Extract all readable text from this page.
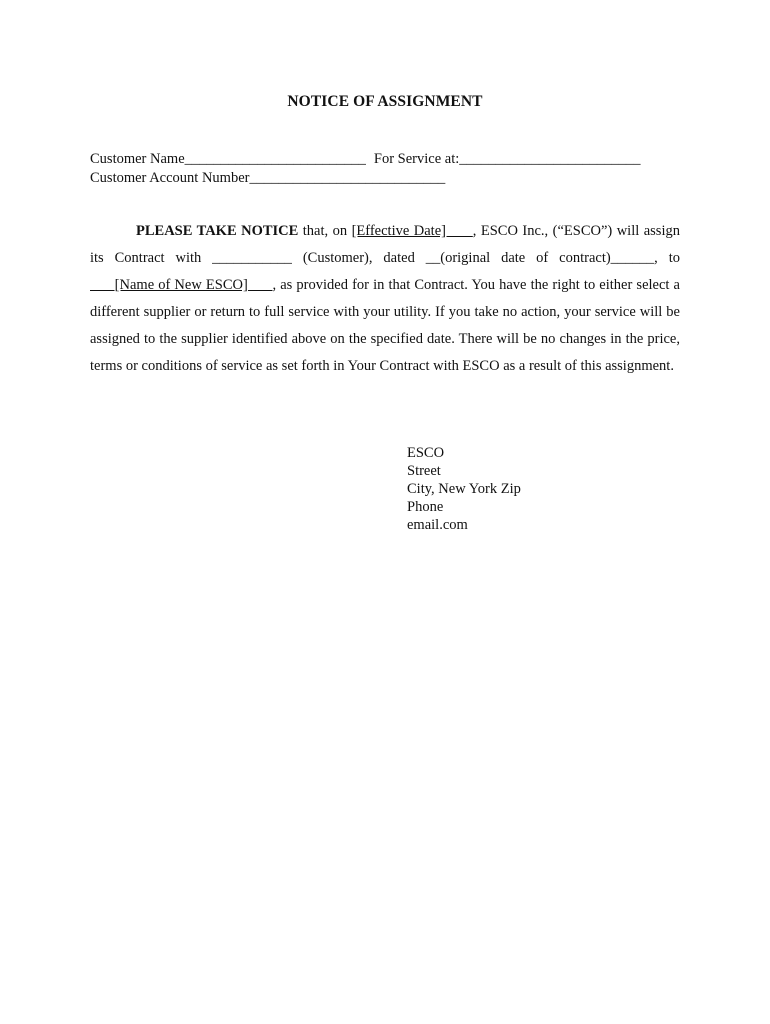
NOTICE OF ASSIGNMENT
Customer Name_________________________ For Service at:_________________________
Customer Account Number___________________________
PLEASE TAKE NOTICE that, on [Effective Date]      , ESCO Inc., (“ESCO”) will assign its Contract with ___________ (Customer), dated __(original date of contract)______, to       [Name of New ESCO]      , as provided for in that Contract. You have the right to either select a different supplier or return to full service with your utility. If you take no action, your service will be assigned to the supplier identified above on the specified date. There will be no changes in the price, terms or conditions of service as set forth in Your Contract with ESCO as a result of this assignment.
ESCO
Street
City, New York Zip
Phone
email.com
